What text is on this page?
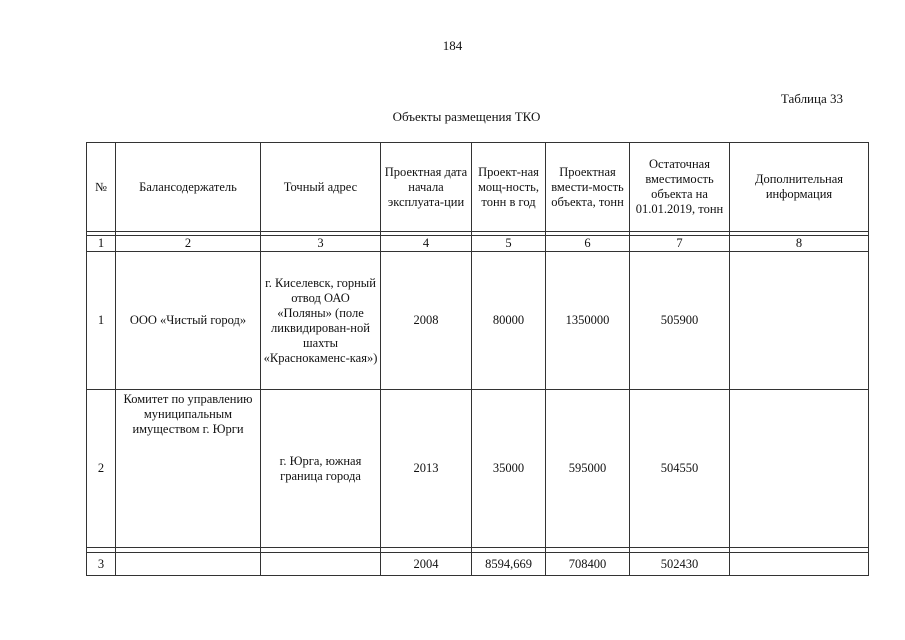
184
Таблица 33
Объекты размещения ТКО
№	Балансодержатель	Точный адрес	Проектная дата начала эксплуата-ции	Проект-ная мощ-ность, тонн в год	Проектная вмести-мость объекта, тонн	Остаточная вместимость объекта на 01.01.2019, тонн	Дополнительная информация

1	2	3	4	5	6	7	8
1	ООО «Чистый город»	г. Киселевск, горный отвод ОАО «Поляны» (поле ликвидирован-ной шахты «Краснокаменс-кая»)	2008	80000	1350000	505900	
2	Комитет по управлению муниципальным имуществом г. Юрги	г. Юрга, южная граница города	2013	35000	595000	504550	

3			2004	8594,669	708400	502430	
